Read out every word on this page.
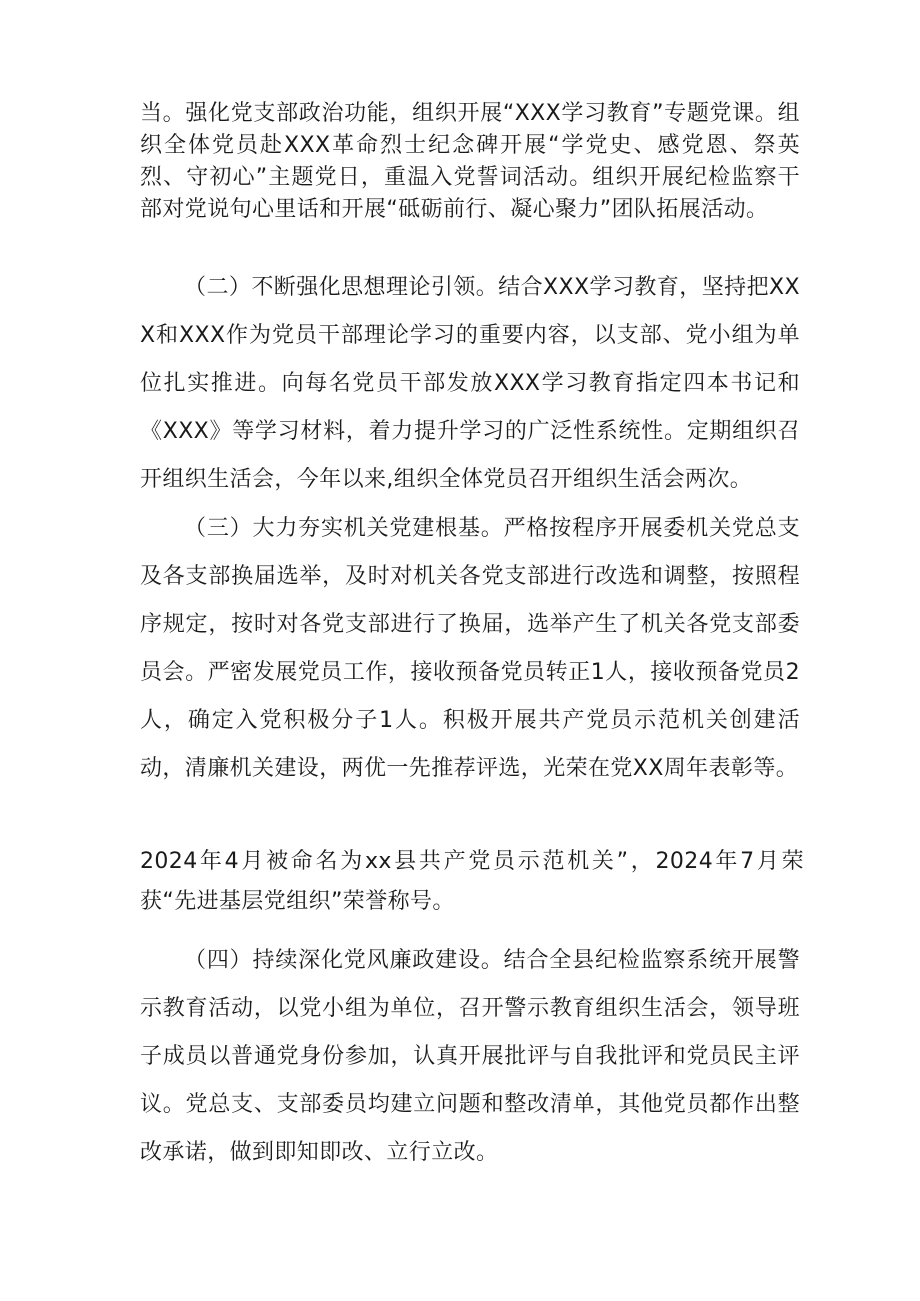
当。强化党支部政治功能，组织开展“XXX学习教育”专题党课。组织全体党员赴XXX革命烈士纪念碑开展“学党史、感党恩、祭英烈、守初心”主题党日，重温入党誓词活动。组织开展纪检监察干部对党说句心里话和开展“砥砺前行、凝心聚力”团队拓展活动。

（二）不断强化思想理论引领。结合XXX学习教育，坚持把XXX和XXX作为党员干部理论学习的重要内容，以支部、党小组为单位扎实推进。向每名党员干部发放XXX学习教育指定四本书记和《XXX》等学习材料，着力提升学习的广泛性系统性。定期组织召开组织生活会，今年以来,组织全体党员召开组织生活会两次。

（三）大力夯实机关党建根基。严格按程序开展委机关党总支及各支部换届选举，及时对机关各党支部进行改选和调整，按照程序规定，按时对各党支部进行了换届，选举产生了机关各党支部委员会。严密发展党员工作，接收预备党员转正1人，接收预备党员2人，确定入党积极分子1人。积极开展共产党员示范机关创建活动，清廉机关建设，两优一先推荐评选，光荣在党XX周年表彰等。

2024年4月被命名为xx县共产党员示范机关”，2024年7月荣获“先进基层党组织”荣誉称号。

（四）持续深化党风廉政建设。结合全县纪检监察系统开展警示教育活动，以党小组为单位，召开警示教育组织生活会，领导班子成员以普通党身份参加，认真开展批评与自我批评和党员民主评议。党总支、支部委员均建立问题和整改清单，其他党员都作出整改承诺，做到即知即改、立行立改。
